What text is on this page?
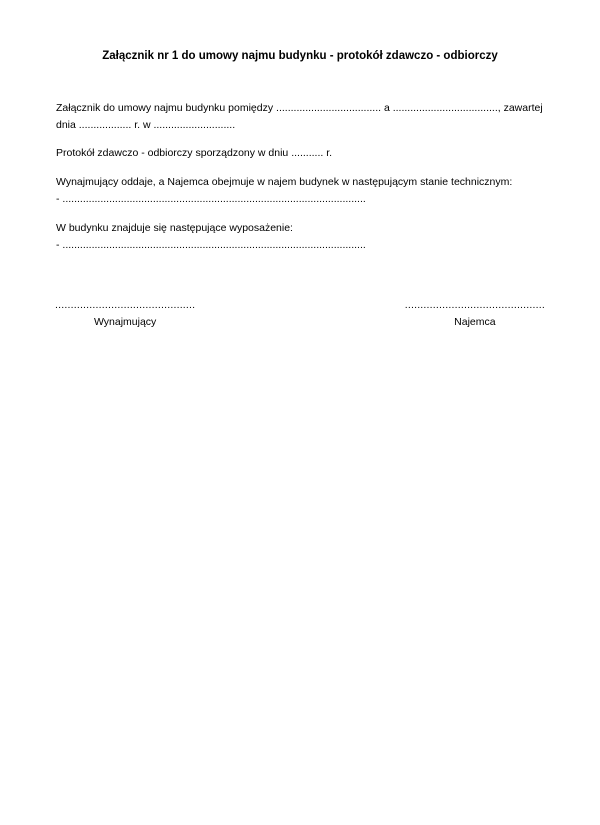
Załącznik nr 1 do umowy najmu budynku - protokół zdawczo - odbiorczy
Załącznik do umowy najmu budynku pomiędzy .................................... a ...................................., zawartej
dnia .................. r. w ............................
Protokół zdawczo - odbiorczy sporządzony w dniu ........... r.
Wynajmujący oddaje, a Najemca obejmuje w najem budynek w następującym stanie technicznym:
- ........................................................................................................
W budynku znajduje się następujące wyposażenie:
- ........................................................................................................
.............................................
Wynajmujący
.............................................
Najemca
